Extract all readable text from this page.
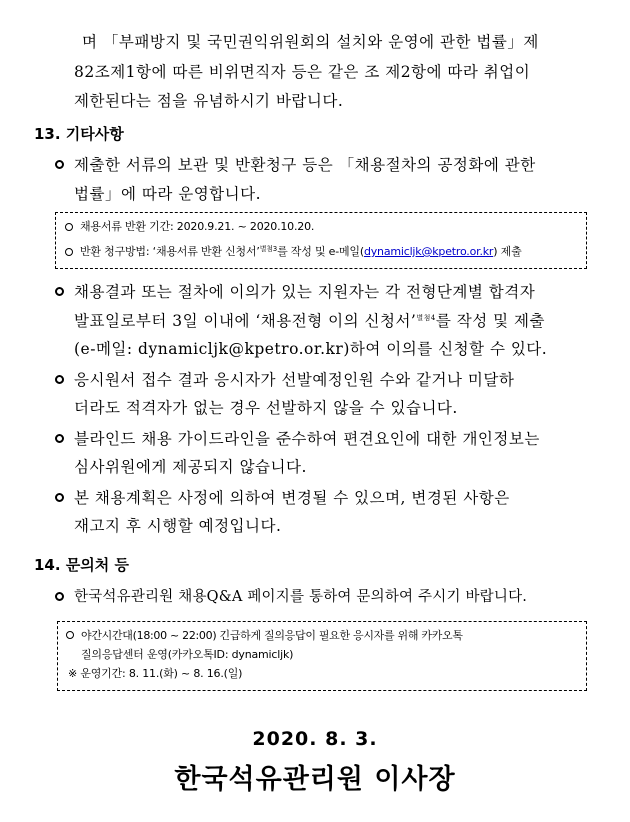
며 「부패방지 및 국민권익위원회의 설치와 운영에 관한 법률」제
82조제1항에 따른 비위면직자 등은 같은 조 제2항에 따라 취업이
제한된다는 점을 유념하시기 바랍니다.
13. 기타사항
제출한 서류의 보관 및 반환청구 등은 「채용절차의 공정화에 관한
법률」에 따라 운영합니다.
채용서류 반환 기간: 2020.9.21. ~ 2020.10.20.
반환 청구방법: ‘채용서류 반환 신청서’$^{별첨3}$를 작성 및 e-메일(dynamicljk@kpetro.or.kr) 제출
채용결과 또는 절차에 이의가 있는 지원자는 각 전형단계별 합격자
발표일로부터 3일 이내에 ‘채용전형 이의 신청서’$^{별첨4}$를 작성 및 제출
(e-메일: dynamicljk@kpetro.or.kr)하여 이의를 신청할 수 있다.
응시원서 접수 결과 응시자가 선발예정인원 수와 같거나 미달하
더라도 적격자가 없는 경우 선발하지 않을 수 있습니다.
블라인드 채용 가이드라인을 준수하여 편견요인에 대한 개인정보는
심사위원에게 제공되지 않습니다.
본 채용계획은 사정에 의하여 변경될 수 있으며, 변경된 사항은
재고지 후 시행할 예정입니다.
14. 문의처 등
한국석유관리원 채용Q&A 페이지를 통하여 문의하여 주시기 바랍니다.
야간시간대(18:00 ~ 22:00) 긴급하게 질의응답이 필요한 응시자를 위해 카카오톡
질의응답센터 운영(카카오톡ID: dynamicljk)
※ 운영기간: 8. 11.(화) ~ 8. 16.(일)
2020. 8. 3.
한국석유관리원 이사장
